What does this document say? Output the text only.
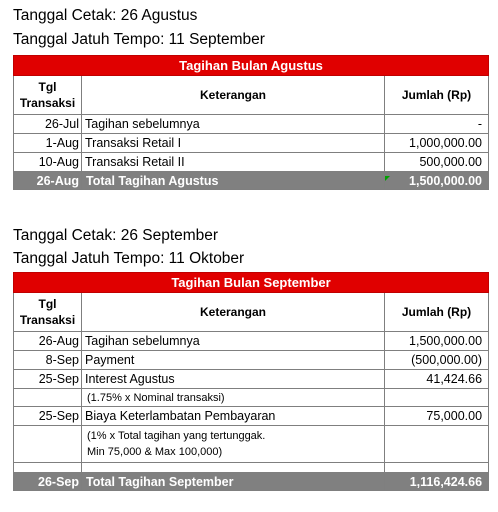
Tanggal Cetak: 26 Agustus
Tanggal Jatuh Tempo: 11 September
Tagihan Bulan Agustus		
Tgl Transaksi	Keterangan	Jumlah (Rp)
26-Jul	Tagihan sebelumnya	-
1-Aug	Transaksi Retail I	1,000,000.00
10-Aug	Transaksi Retail II	500,000.00
26-Aug	Total Tagihan Agustus	1,500,000.00
Tanggal Cetak: 26 September
Tanggal Jatuh Tempo: 11 Oktober
Tagihan Bulan September		
Tgl Transaksi	Keterangan	Jumlah (Rp)
26-Aug	Tagihan sebelumnya	1,500,000.00
8-Sep	Payment	(500,000.00)
25-Sep	Interest Agustus	41,424.66
	(1.75% x Nominal transaksi)	
25-Sep	Biaya Keterlambatan Pembayaran	75,000.00

	(1% x Total tagihan yang tertunggak.
Min 75,000 & Max 100,000)	

26-Sep	Total Tagihan September	1,116,424.66
